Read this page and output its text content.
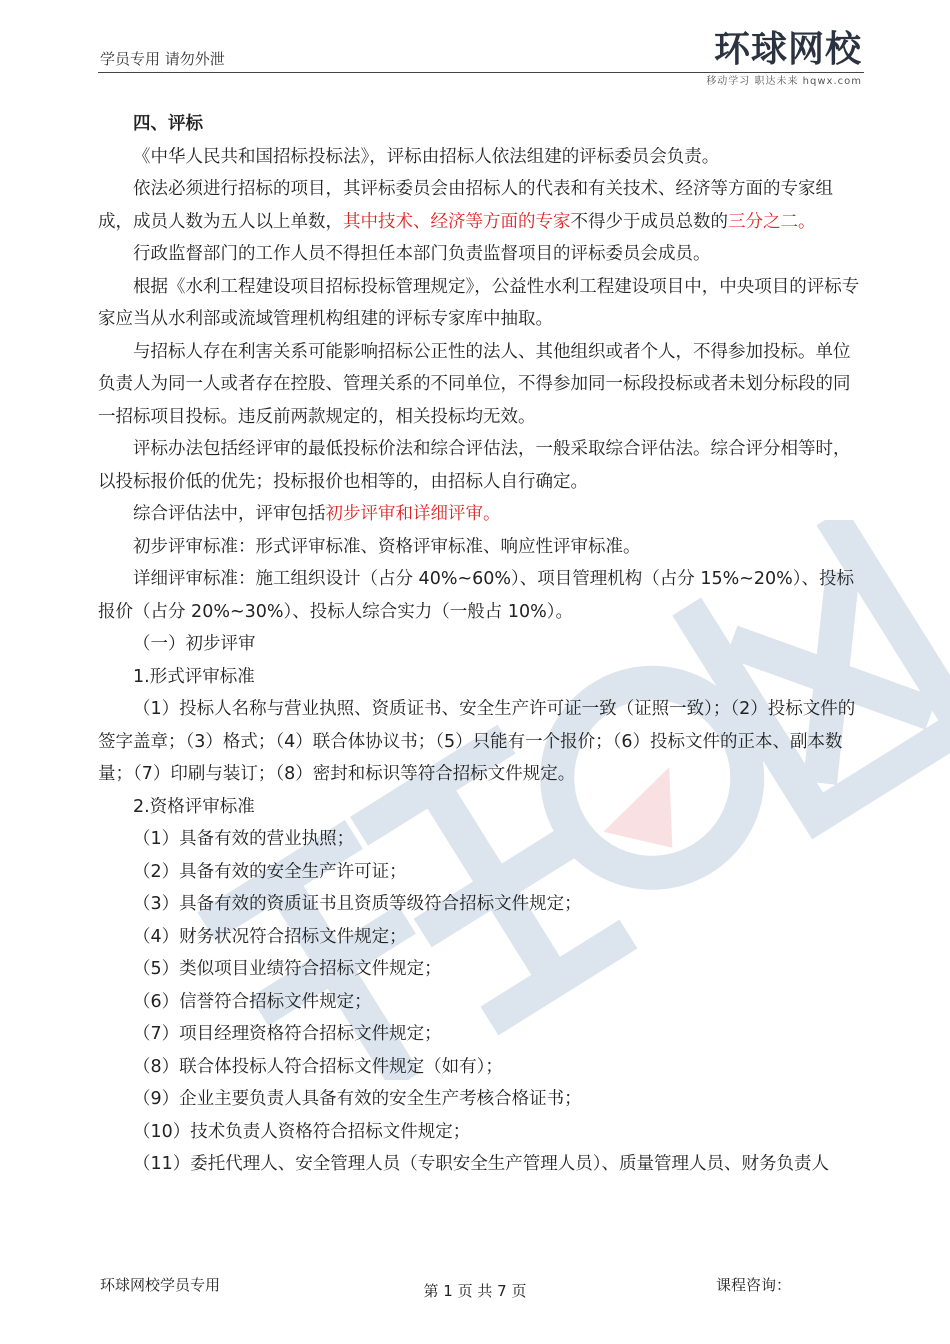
学员专用 请勿外泄	环球网校
移动学习 职达未来 hqwx.com

四、评标

《中华人民共和国招标投标法》，评标由招标人依法组建的评标委员会负责。

依法必须进行招标的项目，其评标委员会由招标人的代表和有关技术、经济等方面的专家组成，成员人数为五人以上单数，其中技术、经济等方面的专家不得少于成员总数的三分之二。

行政监督部门的工作人员不得担任本部门负责监督项目的评标委员会成员。

根据《水利工程建设项目招标投标管理规定》，公益性水利工程建设项目中，中央项目的评标专家应当从水利部或流域管理机构组建的评标专家库中抽取。

与招标人存在利害关系可能影响招标公正性的法人、其他组织或者个人，不得参加投标。单位负责人为同一人或者存在控股、管理关系的不同单位，不得参加同一标段投标或者未划分标段的同一招标项目投标。违反前两款规定的，相关投标均无效。

评标办法包括经评审的最低投标价法和综合评估法，一般采取综合评估法。综合评分相等时，以投标报价低的优先；投标报价也相等的，由招标人自行确定。

综合评估法中，评审包括初步评审和详细评审。

初步评审标准：形式评审标准、资格评审标准、响应性评审标准。

详细评审标准：施工组织设计（占分 40%~60%）、项目管理机构（占分 15%~20%）、投标报价（占分 20%~30%）、投标人综合实力（一般占 10%）。

（一）初步评审

1.形式评审标准

（1）投标人名称与营业执照、资质证书、安全生产许可证一致（证照一致）；（2）投标文件的签字盖章；（3）格式；（4）联合体协议书；（5）只能有一个报价；（6）投标文件的正本、副本数量；（7）印刷与装订；（8）密封和标识等符合招标文件规定。

2.资格评审标准

（1）具备有效的营业执照；

（2）具备有效的安全生产许可证；

（3）具备有效的资质证书且资质等级符合招标文件规定；

（4）财务状况符合招标文件规定；

（5）类似项目业绩符合招标文件规定；

（6）信誉符合招标文件规定；

（7）项目经理资格符合招标文件规定；

（8）联合体投标人符合招标文件规定（如有）；

（9）企业主要负责人具备有效的安全生产考核合格证书；

（10）技术负责人资格符合招标文件规定；

（11）委托代理人、安全管理人员（专职安全生产管理人员）、质量管理人员、财务负责人

环球网校学员专用	第 1 页 共 7 页	课程咨询：
